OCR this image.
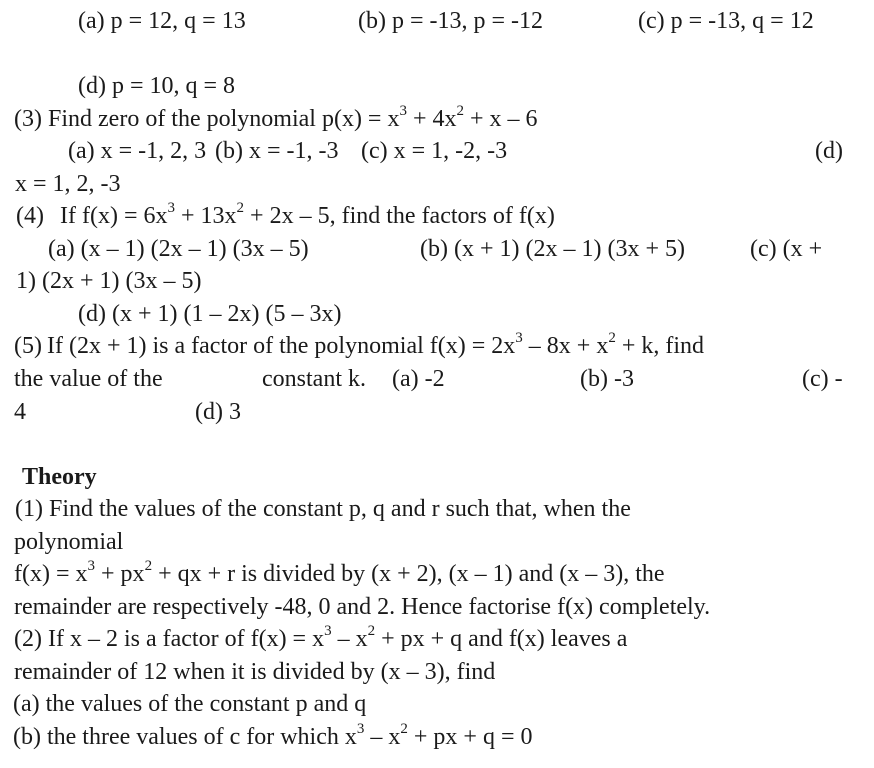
(a) p = 12, q = 13	(b) p = -13, p = -12	(c) p = -13, q = 12
(d) p = 10, q = 8
(3) Find zero of the polynomial $p(x) = x^3 + 4x^2 + x - 6$
(a) x = -1, 2, 3 (b) x = -1, -3 (c) x = 1, -2, -3	(d)
x = 1, 2, -3
(4) If $f(x) = 6x^3 + 13x^2 + 2x - 5$, find the factors of f(x)
(a) (x – 1) (2x – 1) (3x – 5)	(b) (x + 1) (2x – 1) (3x + 5)	(c) (x +
1) (2x + 1) (3x – 5)
(d) (x + 1) (1 – 2x) (5 – 3x)
(5) If (2x + 1) is a factor of the polynomial $f(x) = 2x^3 - 8x + x^2 + k$, find
the value of the	constant k. (a) -2	(b) -3	(c) -
4	(d) 3
Theory
(1) Find the values of the constant p, q and r such that, when the
polynomial
$f(x) = x^3 + px^2$ + qx + r is divided by (x + 2), (x – 1) and (x – 3), the
remainder are respectively -48, 0 and 2. Hence factorise f(x) completely.
(2) If x – 2 is a factor of $f(x) = x^3 - x^2$ + px + q and f(x) leaves a
remainder of 12 when it is divided by (x – 3), find
(a) the values of the constant p and q
(b) the three values of c for which $x^3 - x^2$ + px + q = 0
